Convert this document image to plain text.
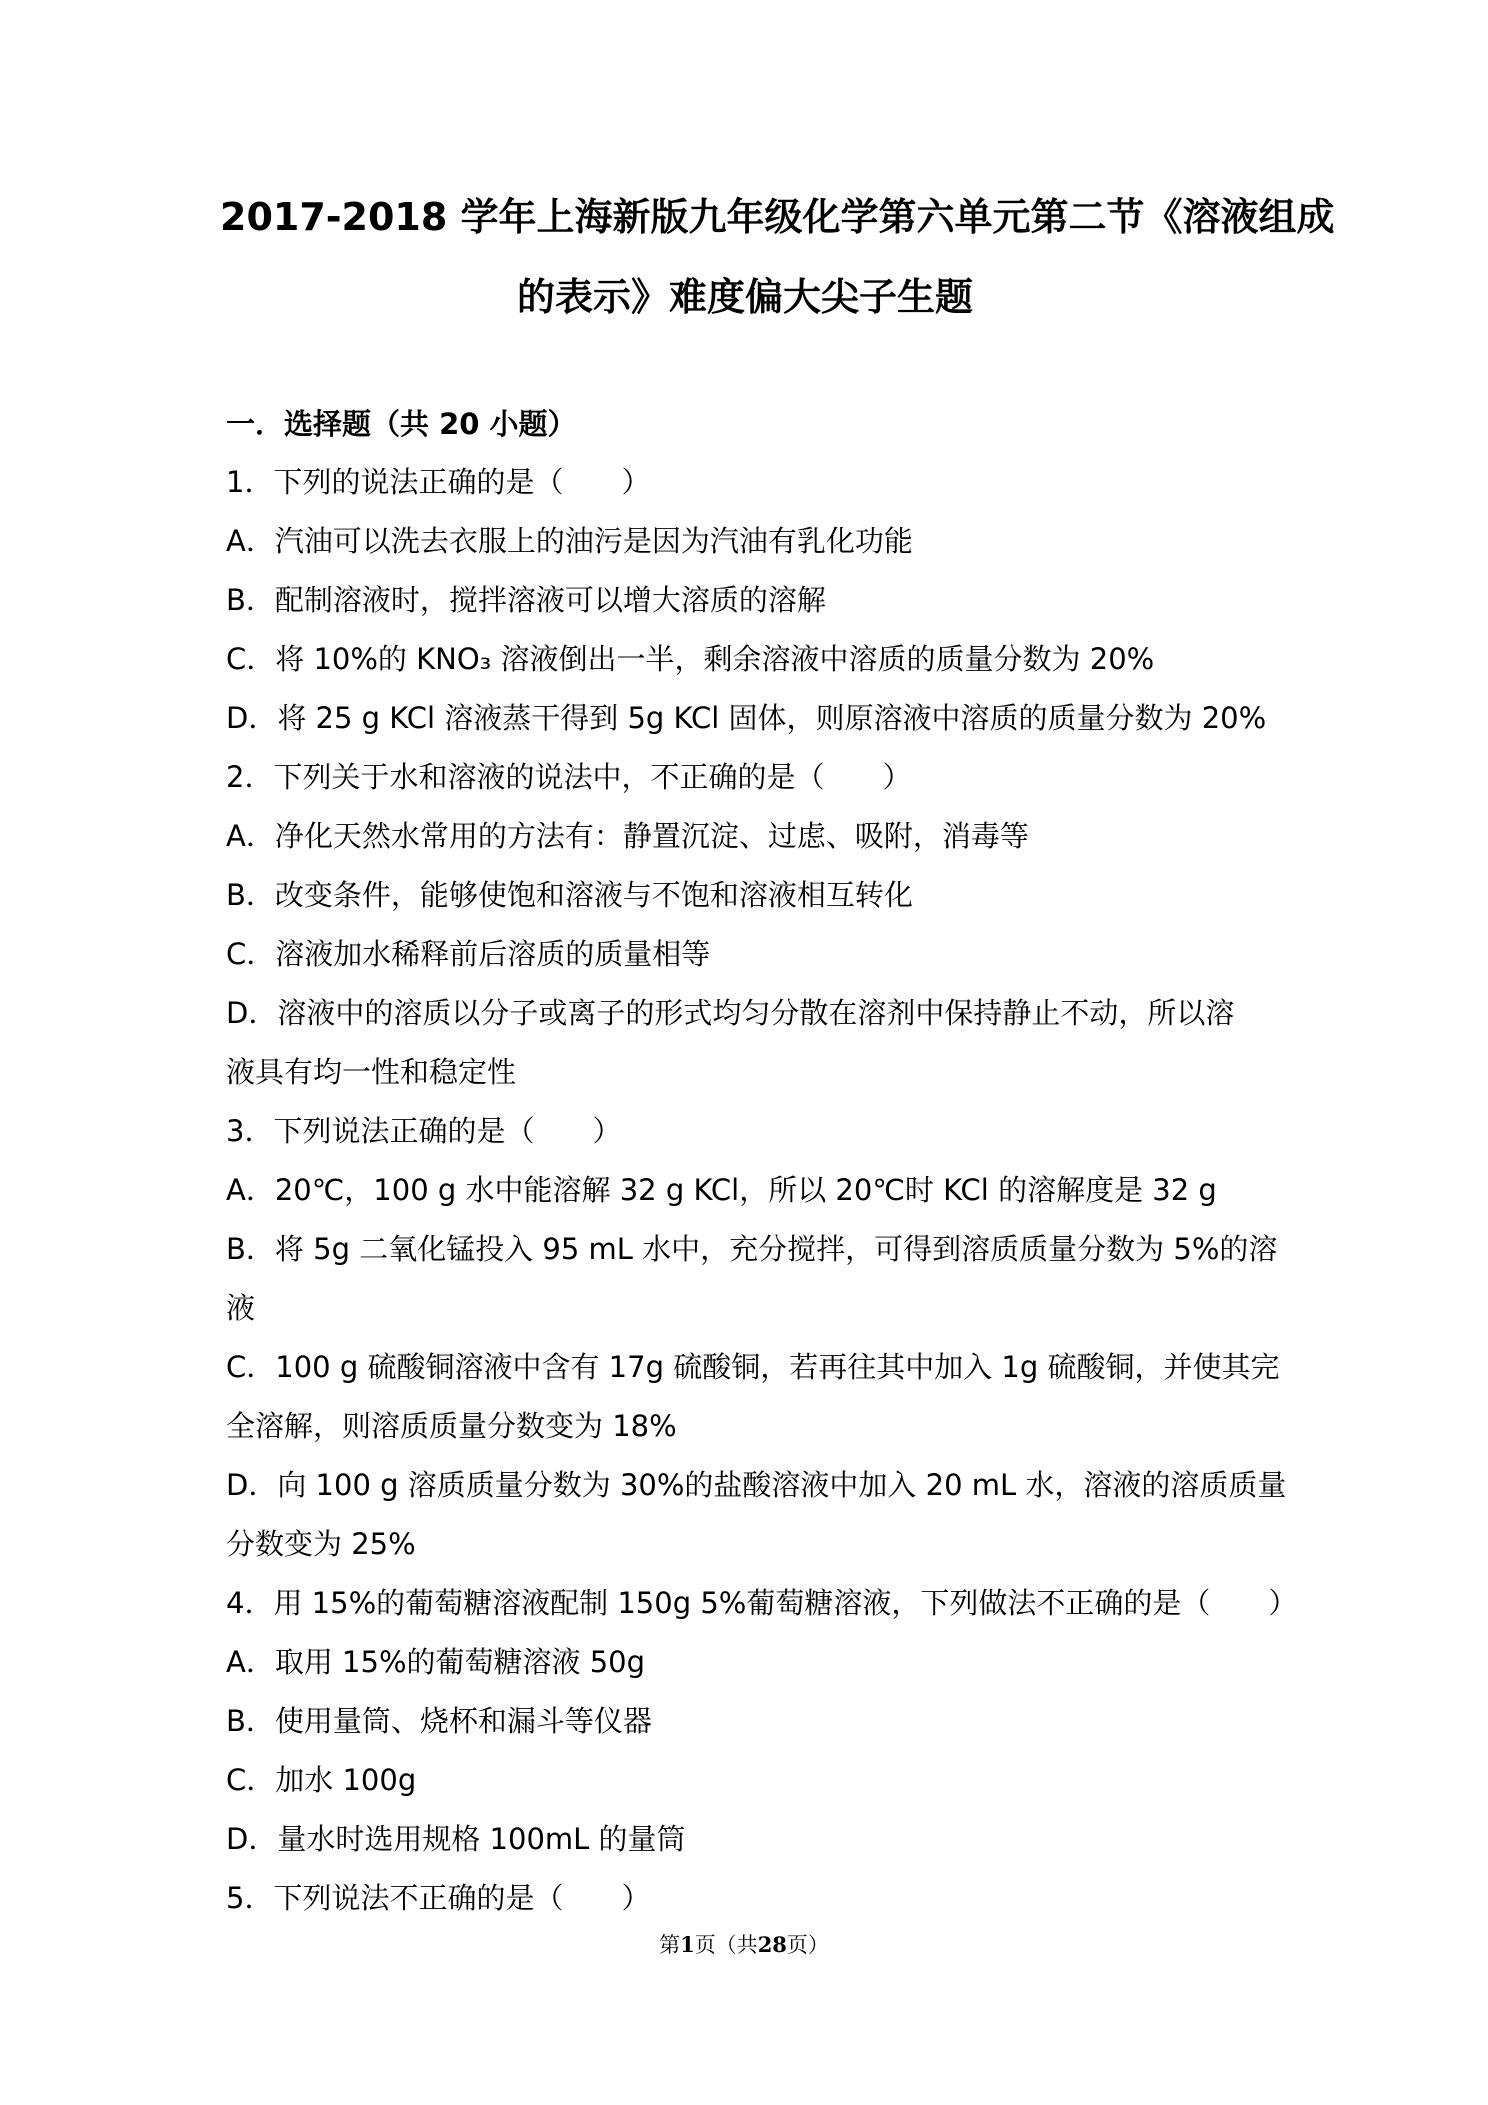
2017-2018 学年上海新版九年级化学第六单元第二节《溶液组成
的表示》难度偏大尖子生题
一．选择题（共 20 小题）
1．下列的说法正确的是（　　）
A．汽油可以洗去衣服上的油污是因为汽油有乳化功能
B．配制溶液时，搅拌溶液可以增大溶质的溶解
C．将 10%的 KNO₃ 溶液倒出一半，剩余溶液中溶质的质量分数为 20%
D．将 25 g KCl 溶液蒸干得到 5g KCl 固体，则原溶液中溶质的质量分数为 20%
2．下列关于水和溶液的说法中，不正确的是（　　）
A．净化天然水常用的方法有：静置沉淀、过虑、吸附，消毒等
B．改变条件，能够使饱和溶液与不饱和溶液相互转化
C．溶液加水稀释前后溶质的质量相等
D．溶液中的溶质以分子或离子的形式均匀分散在溶剂中保持静止不动，所以溶
液具有均一性和稳定性
3．下列说法正确的是（　　）
A．20℃，100 g 水中能溶解 32 g KCl，所以 20℃时 KCl 的溶解度是 32 g
B．将 5g 二氧化锰投入 95 mL 水中，充分搅拌，可得到溶质质量分数为 5%的溶
液
C．100 g 硫酸铜溶液中含有 17g 硫酸铜，若再往其中加入 1g 硫酸铜，并使其完
全溶解，则溶质质量分数变为 18%
D．向 100 g 溶质质量分数为 30%的盐酸溶液中加入 20 mL 水，溶液的溶质质量
分数变为 25%
4．用 15%的葡萄糖溶液配制 150g 5%葡萄糖溶液，下列做法不正确的是（　　）
A．取用 15%的葡萄糖溶液 50g
B．使用量筒、烧杯和漏斗等仪器
C．加水 100g
D．量水时选用规格 100mL 的量筒
5．下列说法不正确的是（　　）
第1页（共28页）
